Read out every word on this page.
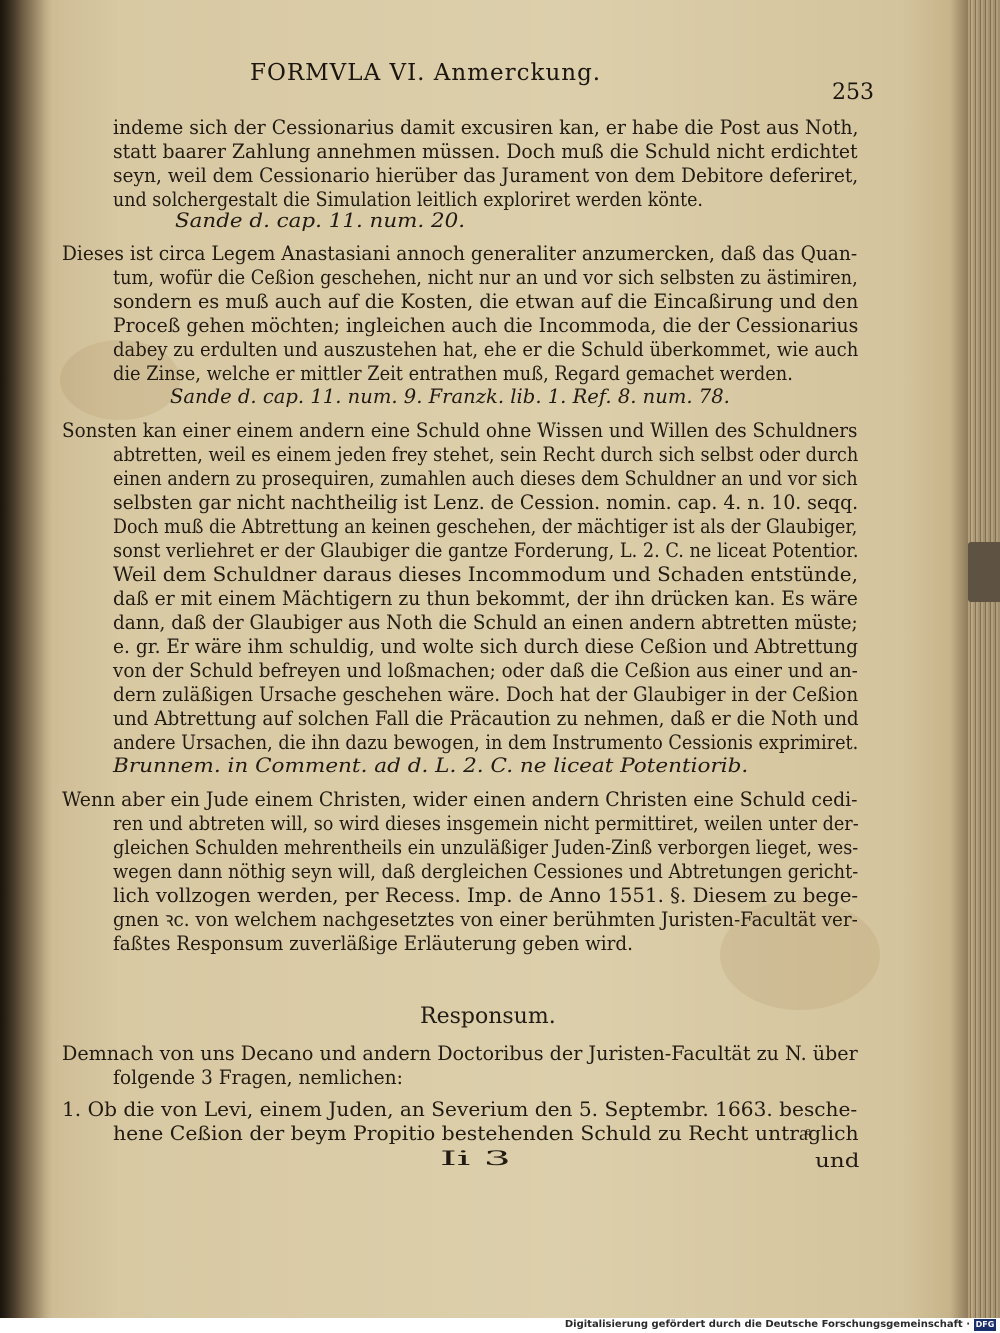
FORMVLA VI. Anmerckung.
253
indeme sich der Cessionarius damit excusiren kan, er habe die Post aus Noth,
statt baarer Zahlung annehmen müssen. Doch muß die Schuld nicht erdichtet
seyn, weil dem Cessionario hierüber das Jurament von dem Debitore deferiret,
und solchergestalt die Simulation leitlich exploriret werden könte.
Sande d. cap. 11. num. 20.
Dieses ist circa Legem Anastasiani annoch generaliter anzumercken, daß das Quan-
tum, wofür die Ceßion geschehen, nicht nur an und vor sich selbsten zu ästimiren,
sondern es muß auch auf die Kosten, die etwan auf die Eincaßirung und den
Proceß gehen möchten; ingleichen auch die Incommoda, die der Cessionarius
dabey zu erdulten und auszustehen hat, ehe er die Schuld überkommet, wie auch
die Zinse, welche er mittler Zeit entrathen muß, Regard gemachet werden.
Sande d. cap. 11. num. 9. Franzk. lib. 1. Ref. 8. num. 78.
Sonsten kan einer einem andern eine Schuld ohne Wissen und Willen des Schuldners
abtretten, weil es einem jeden frey stehet, sein Recht durch sich selbst oder durch
einen andern zu prosequiren, zumahlen auch dieses dem Schuldner an und vor sich
selbsten gar nicht nachtheilig ist Lenz. de Cession. nomin. cap. 4. n. 10. seqq.
Doch muß die Abtrettung an keinen geschehen, der mächtiger ist als der Glaubiger,
sonst verliehret er der Glaubiger die gantze Forderung, L. 2. C. ne liceat Potentior.
Weil dem Schuldner daraus dieses Incommodum und Schaden entstünde,
daß er mit einem Mächtigern zu thun bekommt, der ihn drücken kan. Es wäre
dann, daß der Glaubiger aus Noth die Schuld an einen andern abtretten müste;
e. gr. Er wäre ihm schuldig, und wolte sich durch diese Ceßion und Abtrettung
von der Schuld befreyen und loßmachen; oder daß die Ceßion aus einer und an-
dern zuläßigen Ursache geschehen wäre. Doch hat der Glaubiger in der Ceßion
und Abtrettung auf solchen Fall die Präcaution zu nehmen, daß er die Noth und
andere Ursachen, die ihn dazu bewogen, in dem Instrumento Cessionis exprimiret.
Brunnem. in Comment. ad d. L. 2. C. ne liceat Potentiorib.
Wenn aber ein Jude einem Christen, wider einen andern Christen eine Schuld cedi-
ren und abtreten will, so wird dieses insgemein nicht permittiret, weilen unter der-
gleichen Schulden mehrentheils ein unzuläßiger Juden-Zinß verborgen lieget, wes-
wegen dann nöthig seyn will, daß dergleichen Cessiones und Abtretungen gericht-
lich vollzogen werden, per Recess. Imp. de Anno 1551. §. Diesem zu bege-
gnen ꝛc. von welchem nachgesetztes von einer berühmten Juristen-Facultät ver-
faßtes Responsum zuverläßige Erläuterung geben wird.
Responsum.
Demnach von uns Decano und andern Doctoribus der Juristen-Facultät zu N. über
folgende 3 Fragen, nemlichen:
1. Ob die von Levi, einem Juden, an Severium den 5. Septembr. 1663. besche-
hene Ceßion der beym Propitio bestehenden Schuld zu Recht untraͤglich
Ii 3	und
Digitalisierung gefördert durch die Deutsche Forschungsgemeinschaft · DFG
